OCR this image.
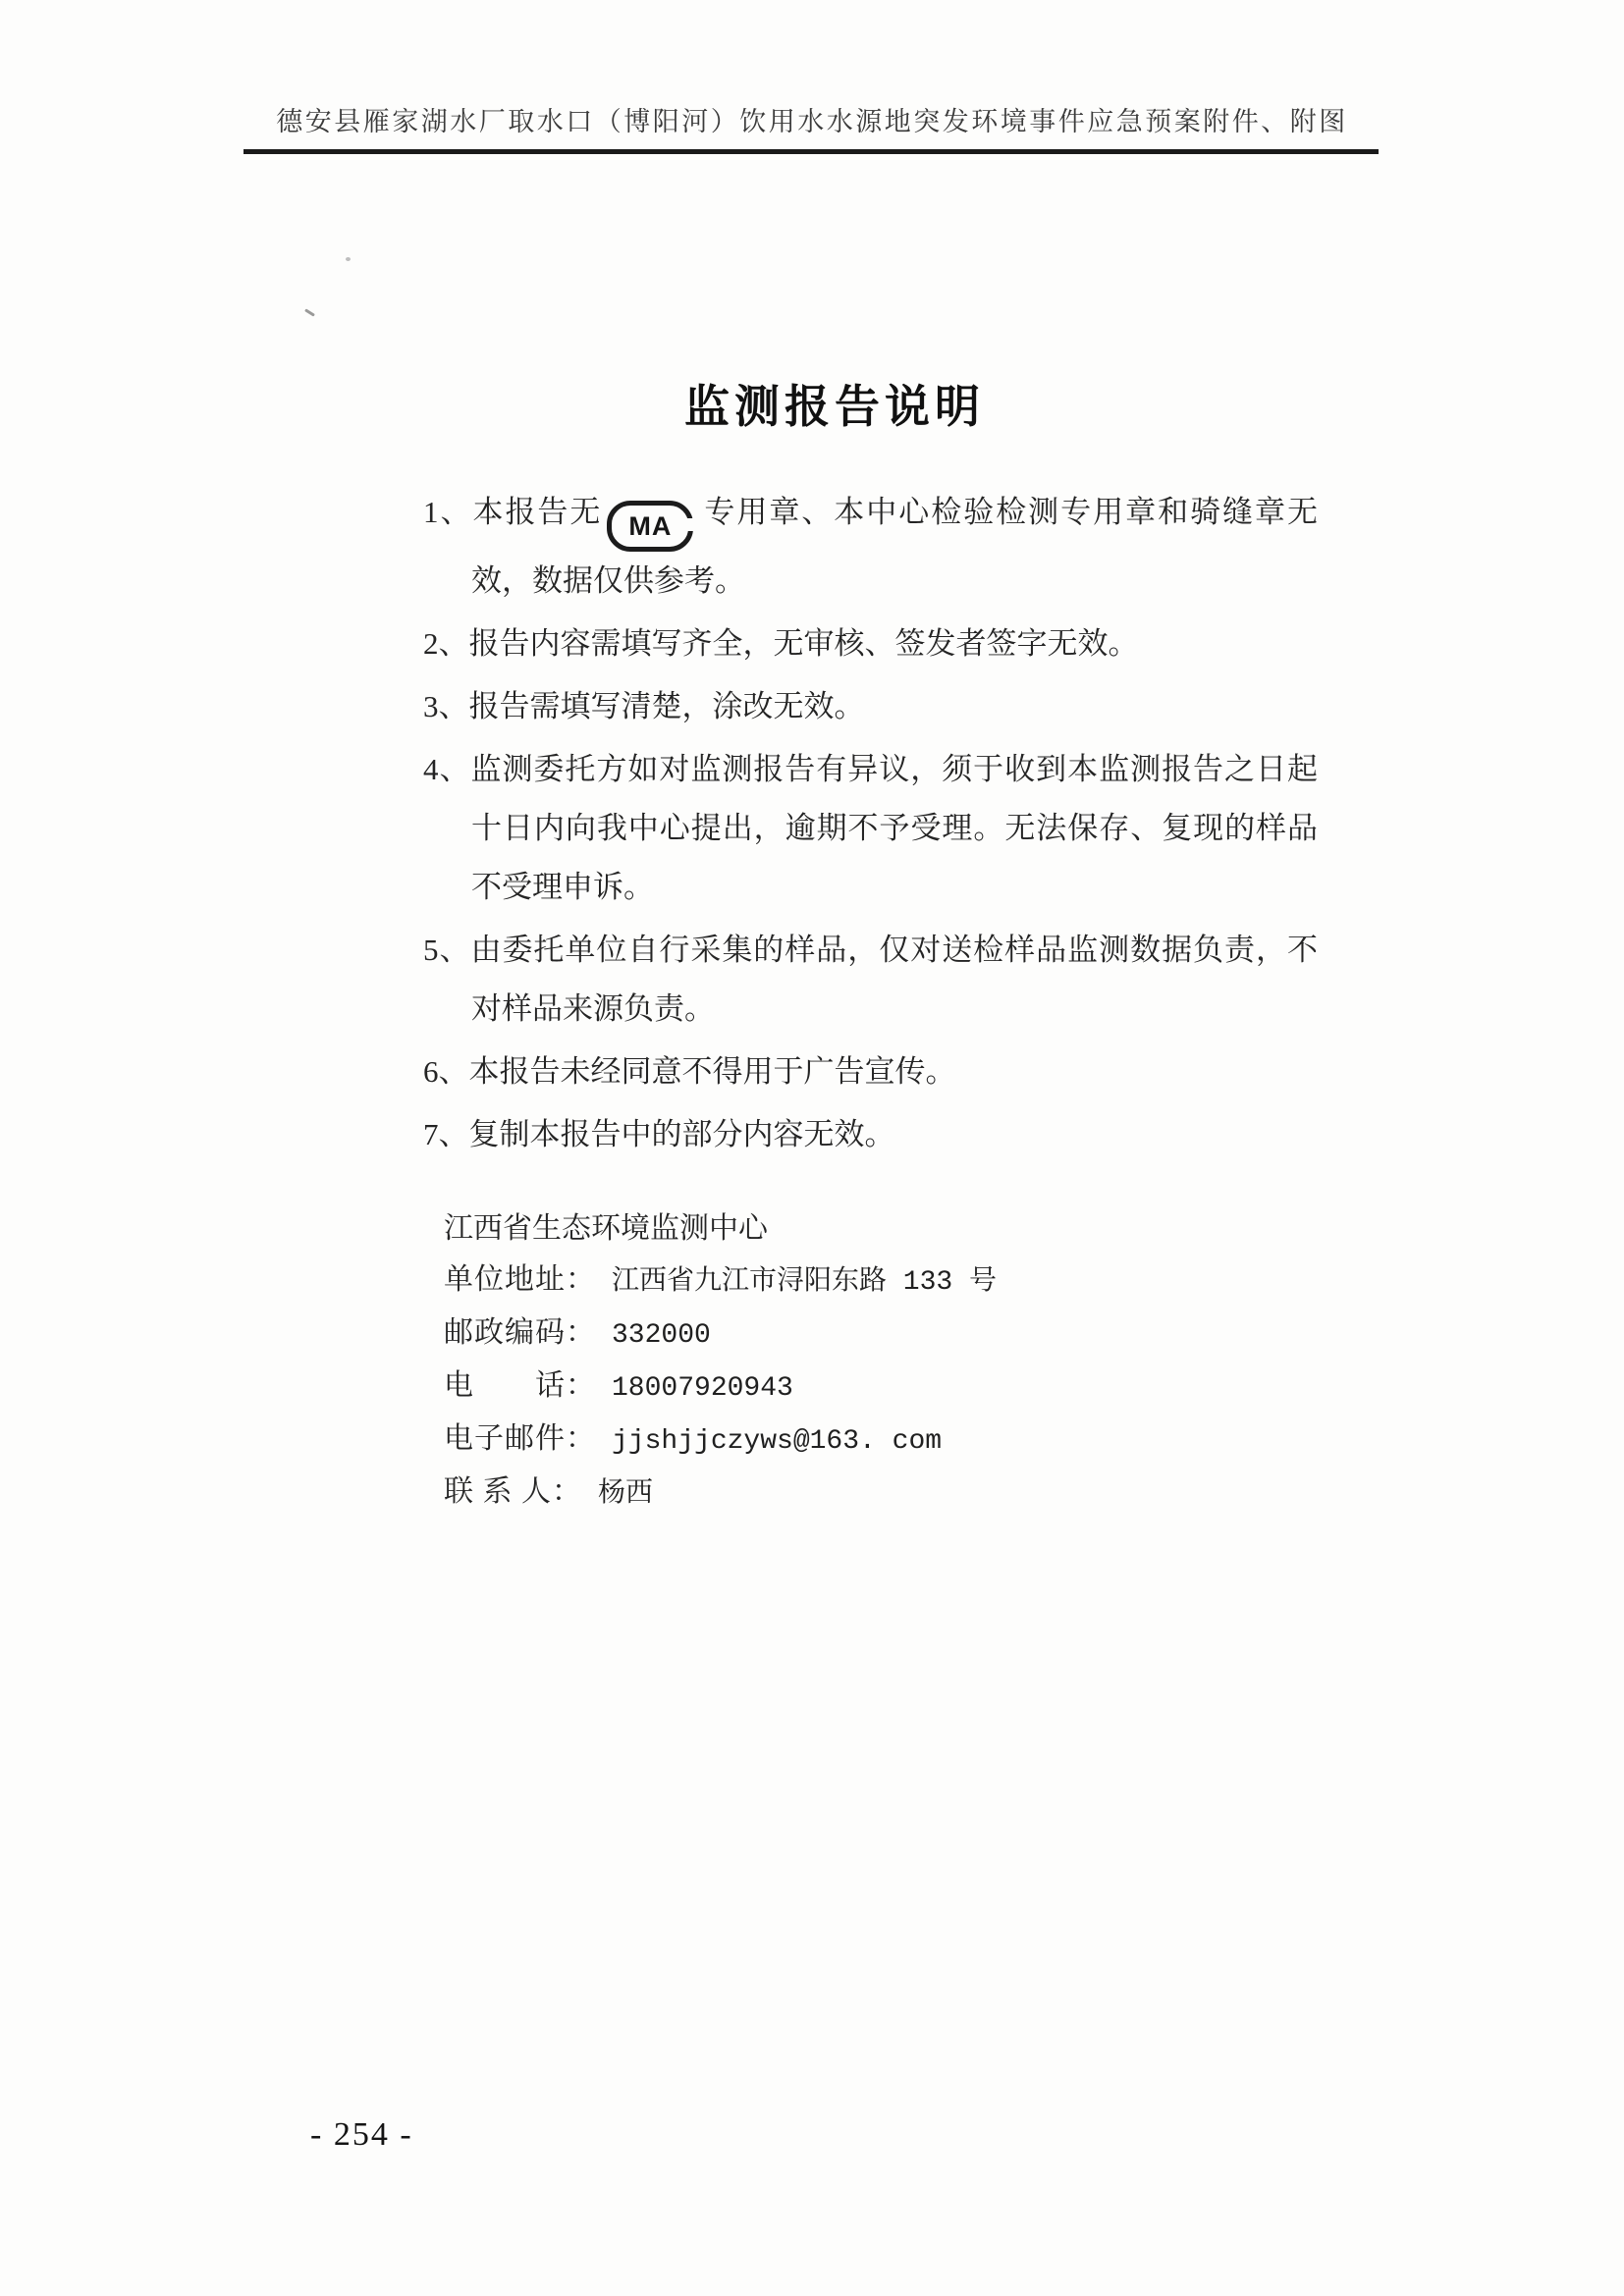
德安县雁家湖水厂取水口（博阳河）饮用水水源地突发环境事件应急预案附件、附图
监测报告说明
1、本报告无 MA 专用章、本中心检验检测专用章和骑缝章无效，数据仅供参考。
2、报告内容需填写齐全，无审核、签发者签字无效。
3、报告需填写清楚，涂改无效。
4、监测委托方如对监测报告有异议，须于收到本监测报告之日起十日内向我中心提出，逾期不予受理。无法保存、复现的样品不受理申诉。
5、由委托单位自行采集的样品，仅对送检样品监测数据负责，不对样品来源负责。
6、本报告未经同意不得用于广告宣传。
7、复制本报告中的部分内容无效。
江西省生态环境监测中心
单位地址： 江西省九江市浔阳东路 133 号
邮政编码： 332000
电　　话： 18007920943
电子邮件： jjshjjczyws@163. com
联 系 人： 杨西
- 254 -
